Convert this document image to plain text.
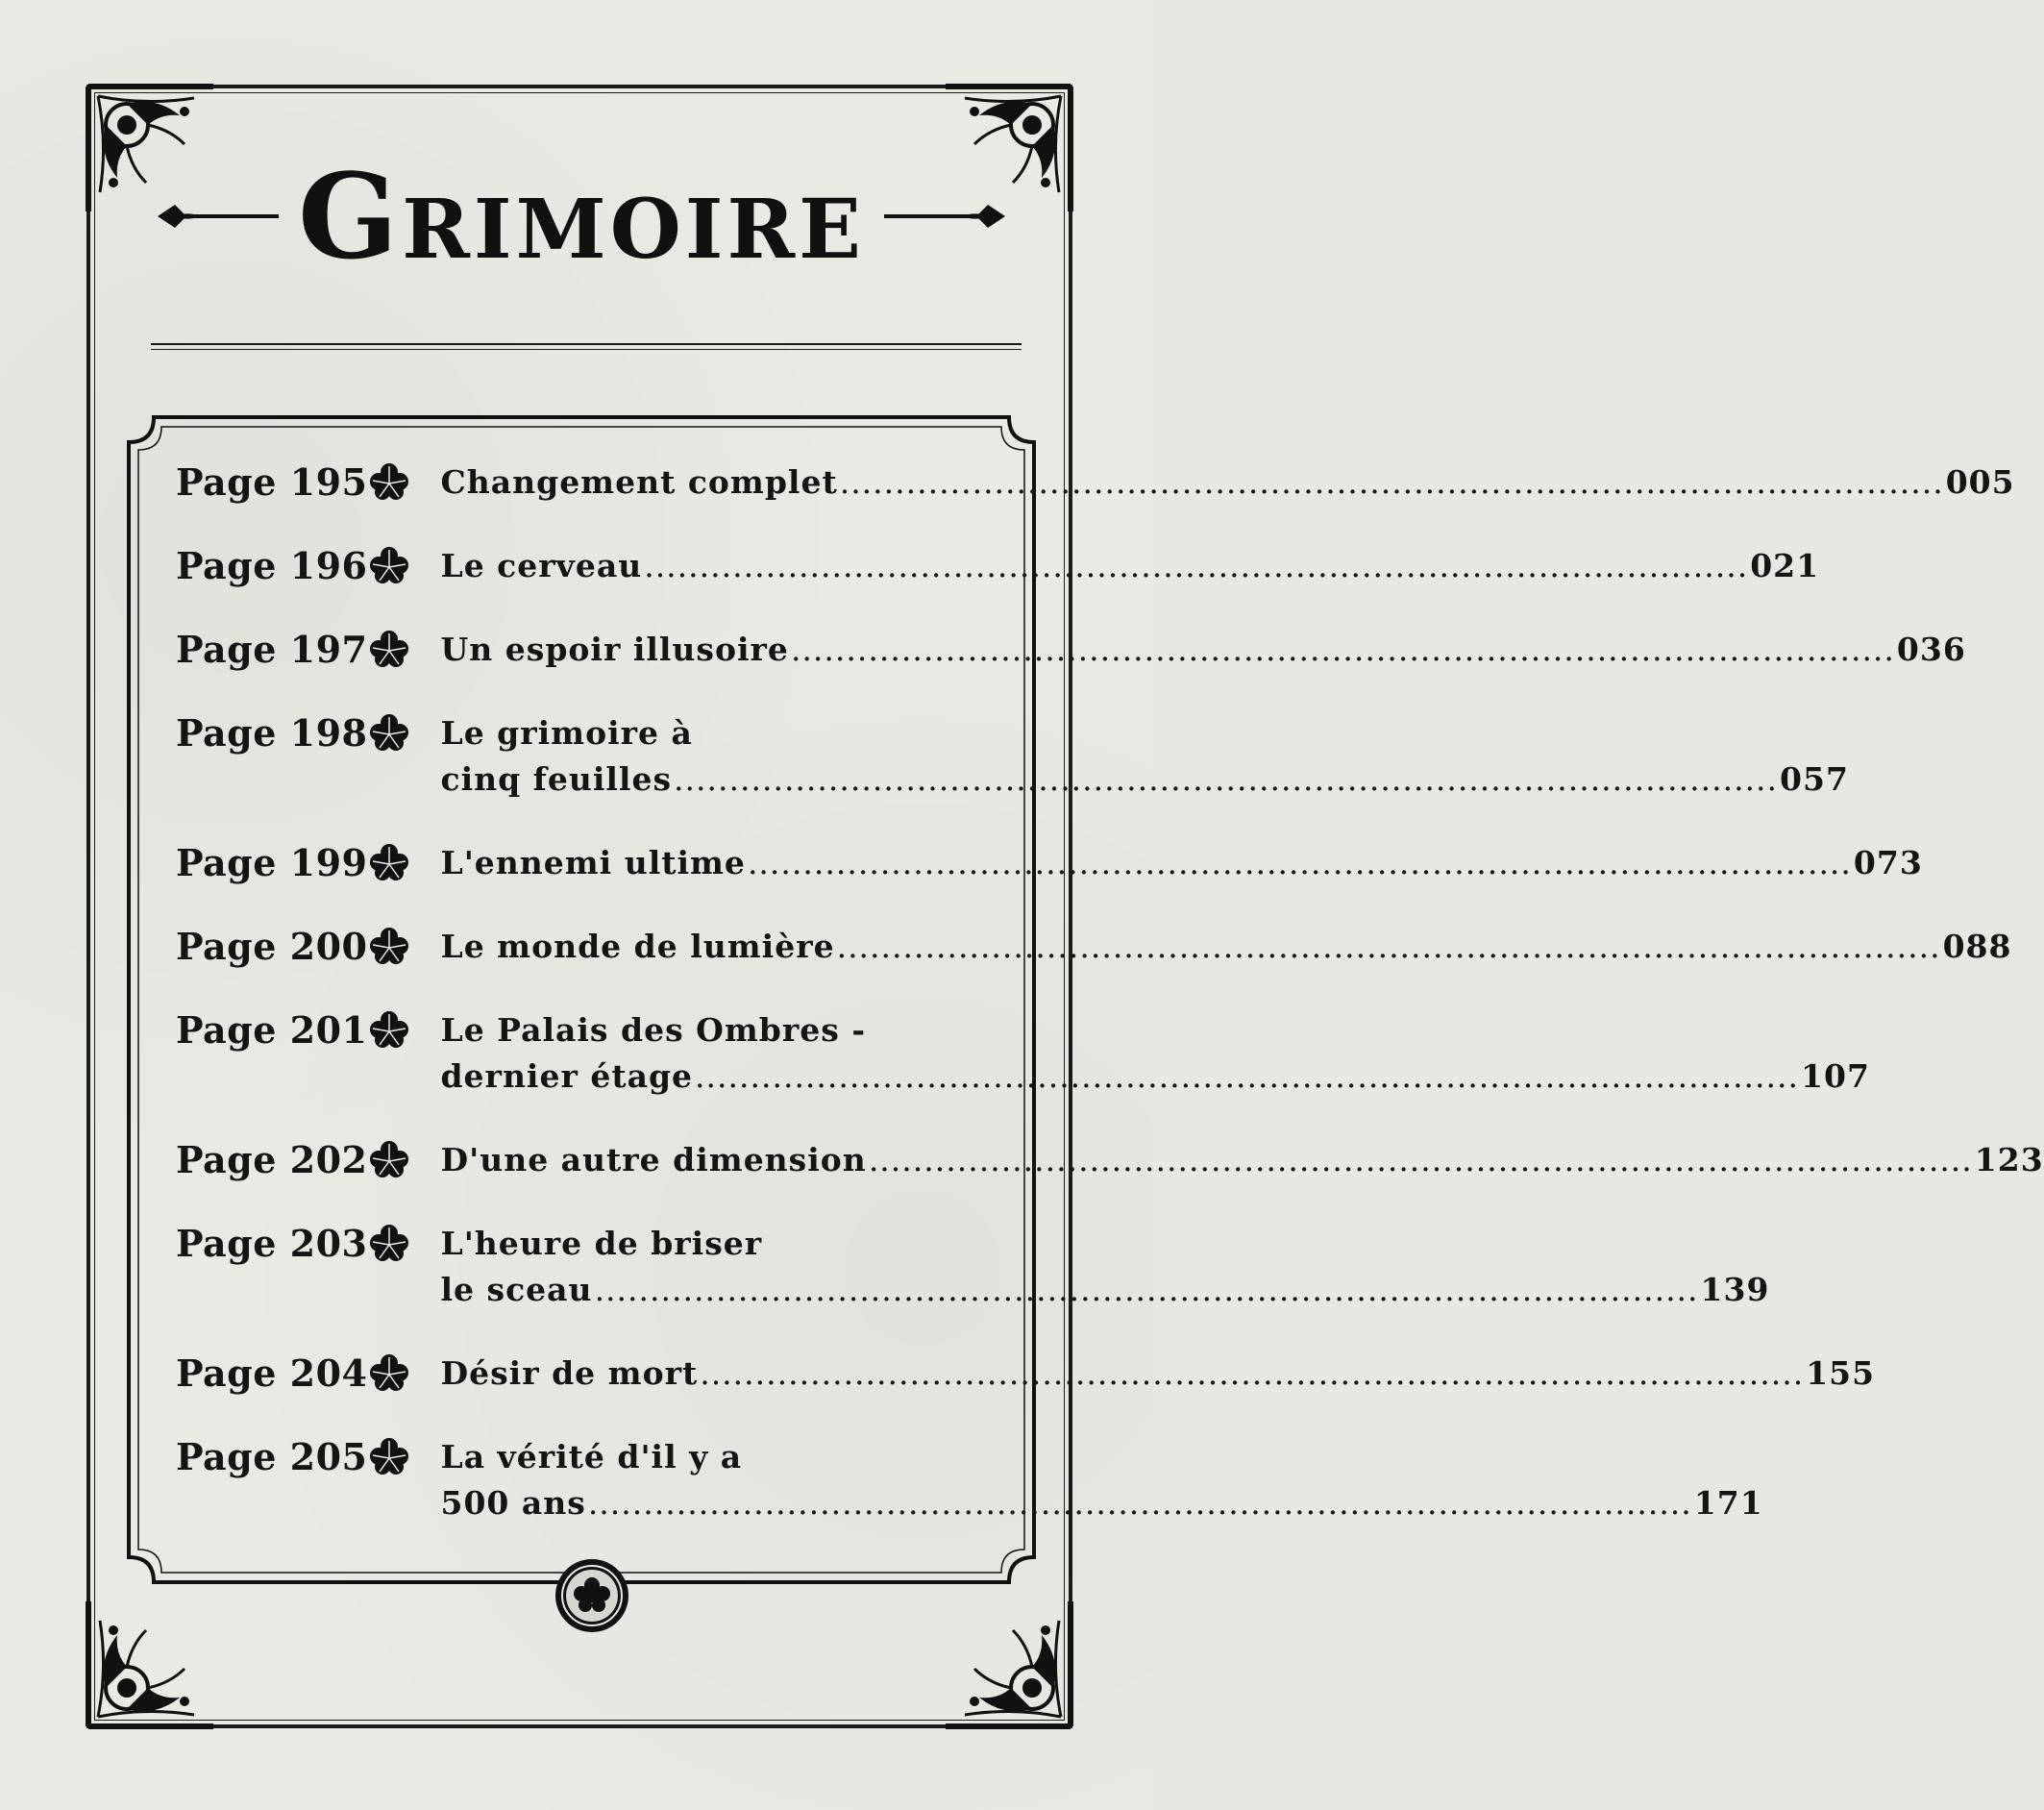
Grimoire
Page 195 Changement complet .....	005
Page 196 Le cerveau .....	021
Page 197 Un espoir illusoire .....	036
Page 198 Le grimoire à
cinq feuilles .....	057
Page 199 L'ennemi ultime .....	073
Page 200 Le monde de lumière .....	088
Page 201 Le Palais des Ombres -
dernier étage .....	107
Page 202 D'une autre dimension .....	123
Page 203 L'heure de briser
le sceau .....	139
Page 204 Désir de mort .....	155
Page 205 La vérité d'il y a
500 ans .....	171
